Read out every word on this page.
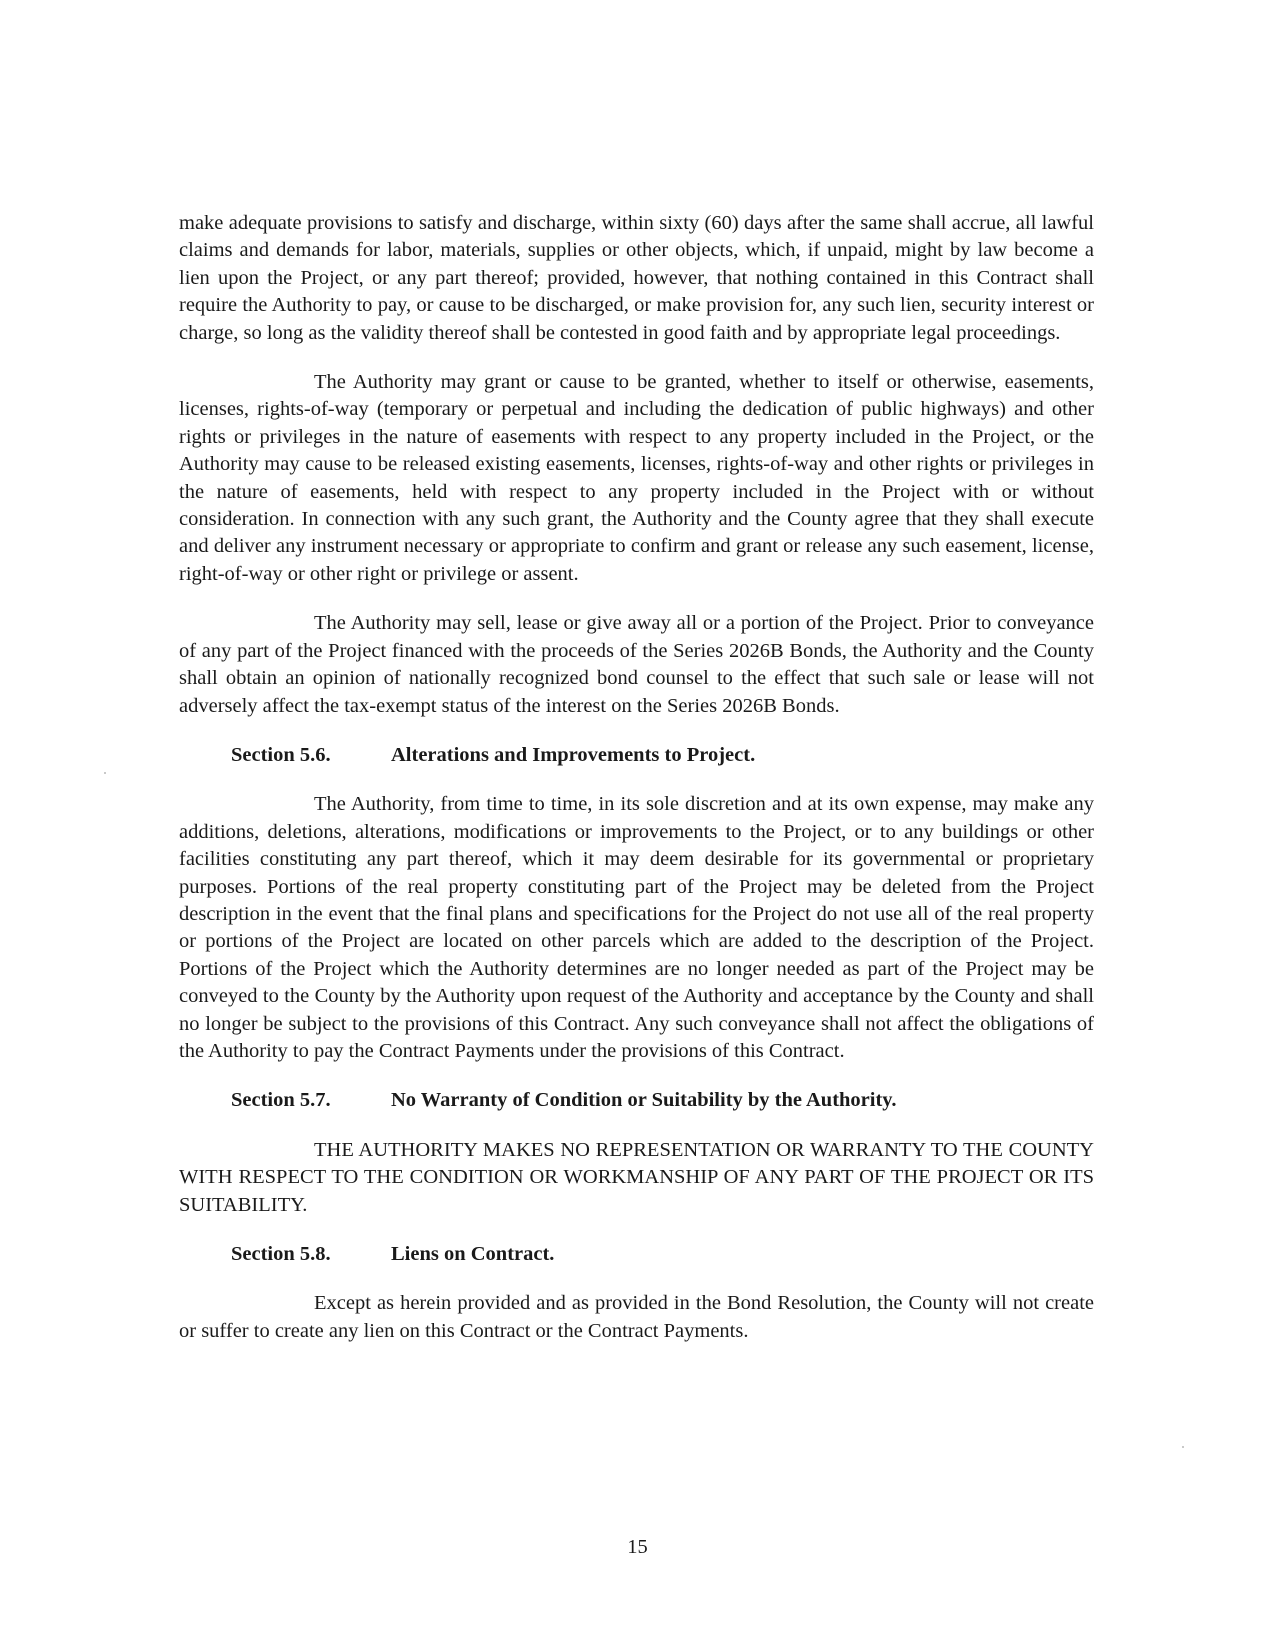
make adequate provisions to satisfy and discharge, within sixty (60) days after the same shall accrue, all lawful claims and demands for labor, materials, supplies or other objects, which, if unpaid, might by law become a lien upon the Project, or any part thereof; provided, however, that nothing contained in this Contract shall require the Authority to pay, or cause to be discharged, or make provision for, any such lien, security interest or charge, so long as the validity thereof shall be contested in good faith and by appropriate legal proceedings.

The Authority may grant or cause to be granted, whether to itself or otherwise, easements, licenses, rights-of-way (temporary or perpetual and including the dedication of public highways) and other rights or privileges in the nature of easements with respect to any property included in the Project, or the Authority may cause to be released existing easements, licenses, rights-of-way and other rights or privileges in the nature of easements, held with respect to any property included in the Project with or without consideration. In connection with any such grant, the Authority and the County agree that they shall execute and deliver any instrument necessary or appropriate to confirm and grant or release any such easement, license, right-of-way or other right or privilege or assent.

The Authority may sell, lease or give away all or a portion of the Project. Prior to conveyance of any part of the Project financed with the proceeds of the Series 2026B Bonds, the Authority and the County shall obtain an opinion of nationally recognized bond counsel to the effect that such sale or lease will not adversely affect the tax-exempt status of the interest on the Series 2026B Bonds.

Section 5.6.	Alterations and Improvements to Project.

The Authority, from time to time, in its sole discretion and at its own expense, may make any additions, deletions, alterations, modifications or improvements to the Project, or to any buildings or other facilities constituting any part thereof, which it may deem desirable for its governmental or proprietary purposes. Portions of the real property constituting part of the Project may be deleted from the Project description in the event that the final plans and specifications for the Project do not use all of the real property or portions of the Project are located on other parcels which are added to the description of the Project. Portions of the Project which the Authority determines are no longer needed as part of the Project may be conveyed to the County by the Authority upon request of the Authority and acceptance by the County and shall no longer be subject to the provisions of this Contract. Any such conveyance shall not affect the obligations of the Authority to pay the Contract Payments under the provisions of this Contract.

Section 5.7.	No Warranty of Condition or Suitability by the Authority.

THE AUTHORITY MAKES NO REPRESENTATION OR WARRANTY TO THE COUNTY WITH RESPECT TO THE CONDITION OR WORKMANSHIP OF ANY PART OF THE PROJECT OR ITS SUITABILITY.

Section 5.8.	Liens on Contract.

Except as herein provided and as provided in the Bond Resolution, the County will not create or suffer to create any lien on this Contract or the Contract Payments.

15
